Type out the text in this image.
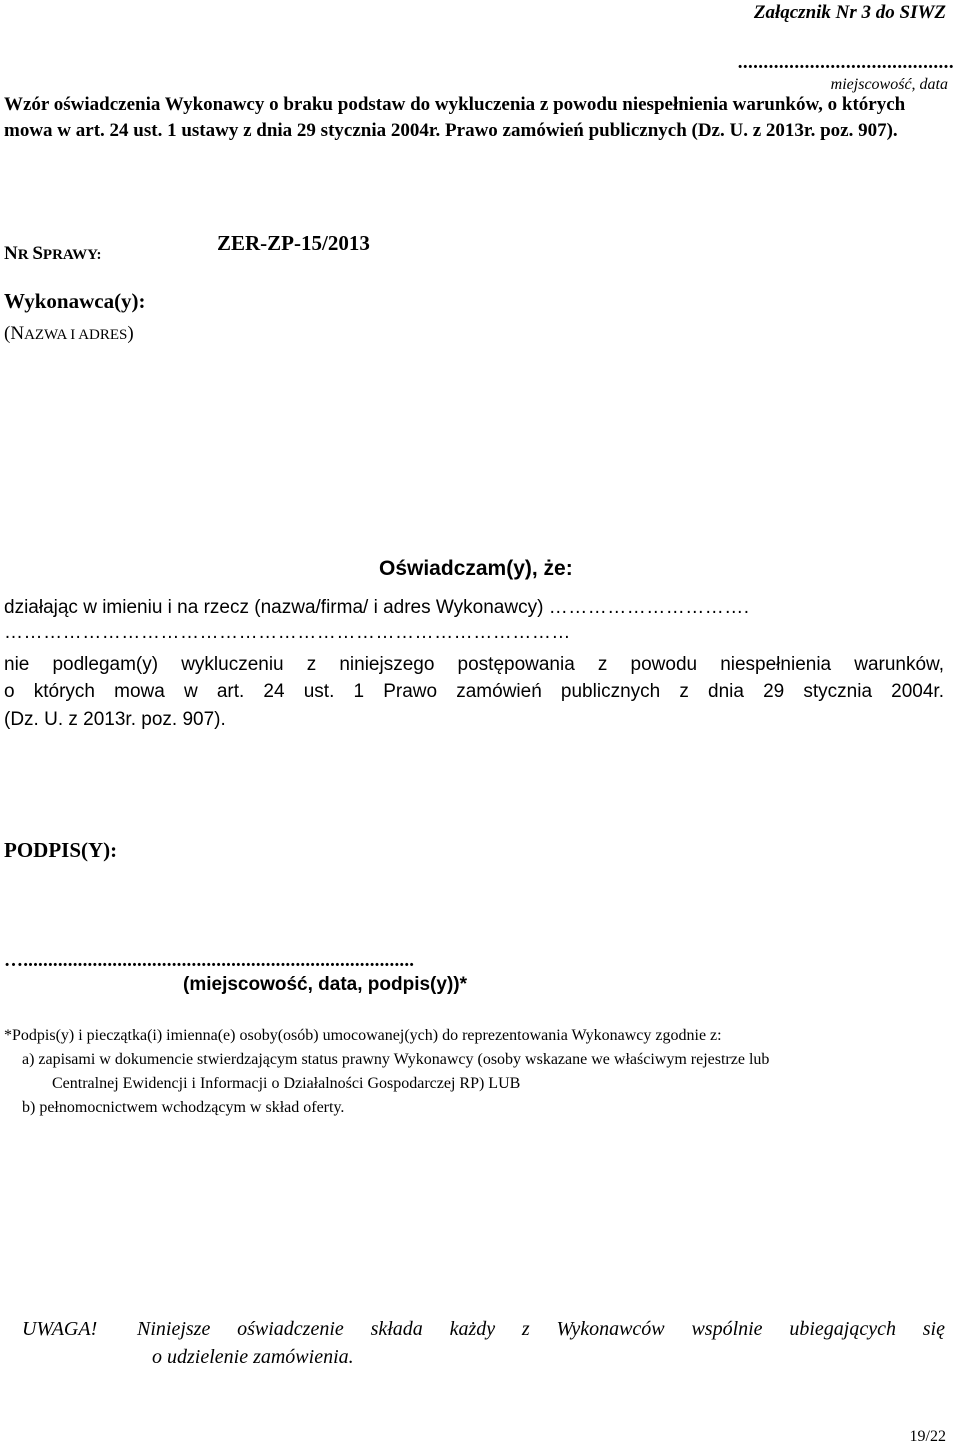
Załącznik Nr 3 do SIWZ
..........................................
miejscowość, data
Wzór oświadczenia Wykonawcy o braku podstaw do wykluczenia z powodu niespełnienia warunków, o których mowa w art. 24 ust. 1 ustawy z dnia 29 stycznia 2004r. Prawo zamówień publicznych (Dz. U. z 2013r. poz. 907).
NR SPRAWY:	ZER-ZP-15/2013
Wykonawca(y):
(NAZWA I ADRES)
Oświadczam(y), że:
działając w imieniu i na rzecz (nazwa/firma/ i adres Wykonawcy) ………………………….
……………………………………………………………………………
nie podlegam(y) wykluczeniu z niniejszego postępowania z powodu niespełnienia warunków,
o których mowa w art. 24 ust. 1 Prawo zamówień publicznych z dnia 29 stycznia 2004r.
(Dz. U. z 2013r. poz. 907).
PODPIS(Y):
…...............................................................................
(miejscowość, data, podpis(y))*
*Podpis(y) i pieczątka(i) imienna(e) osoby(osób) umocowanej(ych) do reprezentowania Wykonawcy zgodnie z:
a) zapisami w dokumencie stwierdzającym status prawny Wykonawcy (osoby wskazane we właściwym rejestrze lub
Centralnej Ewidencji i Informacji o Działalności Gospodarczej RP) LUB
b) pełnomocnictwem wchodzącym w skład oferty.
UWAGA! Niniejsze oświadczenie składa każdy z Wykonawców wspólnie ubiegających się
o udzielenie zamówienia.
19/22
